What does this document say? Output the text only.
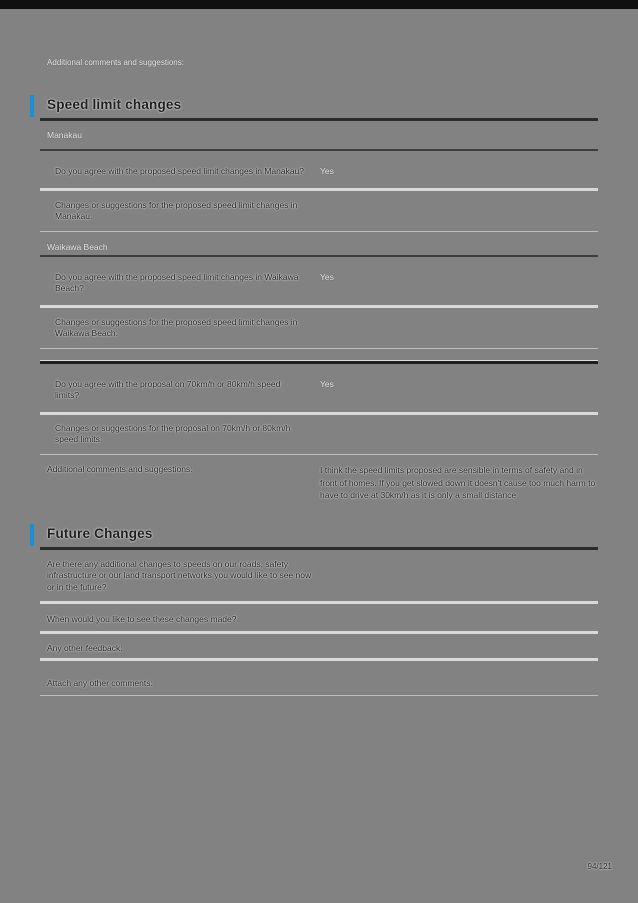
Additional comments and suggestions:
Speed limit changes
Manakau
Do you agree with the proposed speed limit changes in Manakau? Yes
Changes or suggestions for the proposed speed limit changes in Manakau:
Waikawa Beach
Do you agree with the proposed speed limit changes in Waikawa Beach?
Yes
Changes or suggestions for the proposed speed limit changes in Waikawa Beach:
Do you agree with the proposal on 70km/h or 80km/h speed limits?
Yes
Changes or suggestions for the proposal on 70km/h or 80km/h speed limits:
Additional comments and suggestions:	I think the speed limits proposed are sensible in terms of safety and in front of homes. If you get slowed down it doesn't cause too much harm to have to drive at 30km/h as it is only a small distance
Future Changes
Are there any additional changes to speeds on our roads, safety infrastructure or our land transport networks you would like to see now or in the future?
When would you like to see these changes made?
Any other feedback:
Attach any other comments:
94/121
